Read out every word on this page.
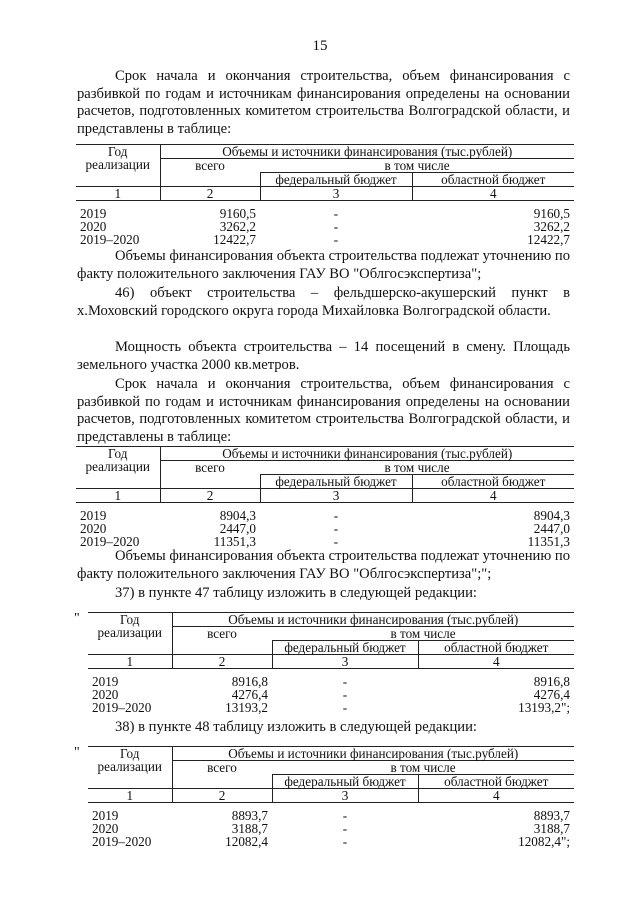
15

Срок начала и окончания строительства, объем финансирования с разбивкой по годам и источникам финансирования определены на основании расчетов, подготовленных комитетом строительства Волгоградской области, и представлены в таблице:

Год реализации	Объемы и источники финансирования (тыс.рублей)		
	всего	в том числе	
		федеральный бюджет	областной бюджет
1	2	3	4

2019	9160,5	-	9160,5
2020	3262,2	-	3262,2
2019–2020	12422,7	-	12422,7

Объемы финансирования объекта строительства подлежат уточнению по факту положительного заключения ГАУ ВО "Облгосэкспертиза";

46) объект строительства – фельдшерско-акушерский пункт в х.Моховский городского округа города Михайловка Волгоградской области.

Мощность объекта строительства – 14 посещений в смену. Площадь земельного участка 2000 кв.метров.

Срок начала и окончания строительства, объем финансирования с разбивкой по годам и источникам финансирования определены на основании расчетов, подготовленных комитетом строительства Волгоградской области, и представлены в таблице:

Год реализации	Объемы и источники финансирования (тыс.рублей)		
	всего	в том числе	
		федеральный бюджет	областной бюджет
1	2	3	4

2019	8904,3	-	8904,3
2020	2447,0	-	2447,0
2019–2020	11351,3	-	11351,3

Объемы финансирования объекта строительства подлежат уточнению по факту положительного заключения ГАУ ВО "Облгосэкспертиза";";

37) в пункте 47 таблицу изложить в следующей редакции:

"	Год реализации	Объемы и источники финансирования (тыс.рублей)		
	всего	в том числе	
		федеральный бюджет	областной бюджет
1	2	3	4

2019	8916,8	-	8916,8
2020	4276,4	-	4276,4
2019–2020	13193,2	-	13193,2";

38) в пункте 48 таблицу изложить в следующей редакции:

"	Год реализации	Объемы и источники финансирования (тыс.рублей)		
	всего	в том числе	
		федеральный бюджет	областной бюджет
1	2	3	4

2019	8893,7	-	8893,7
2020	3188,7	-	3188,7
2019–2020	12082,4	-	12082,4";
